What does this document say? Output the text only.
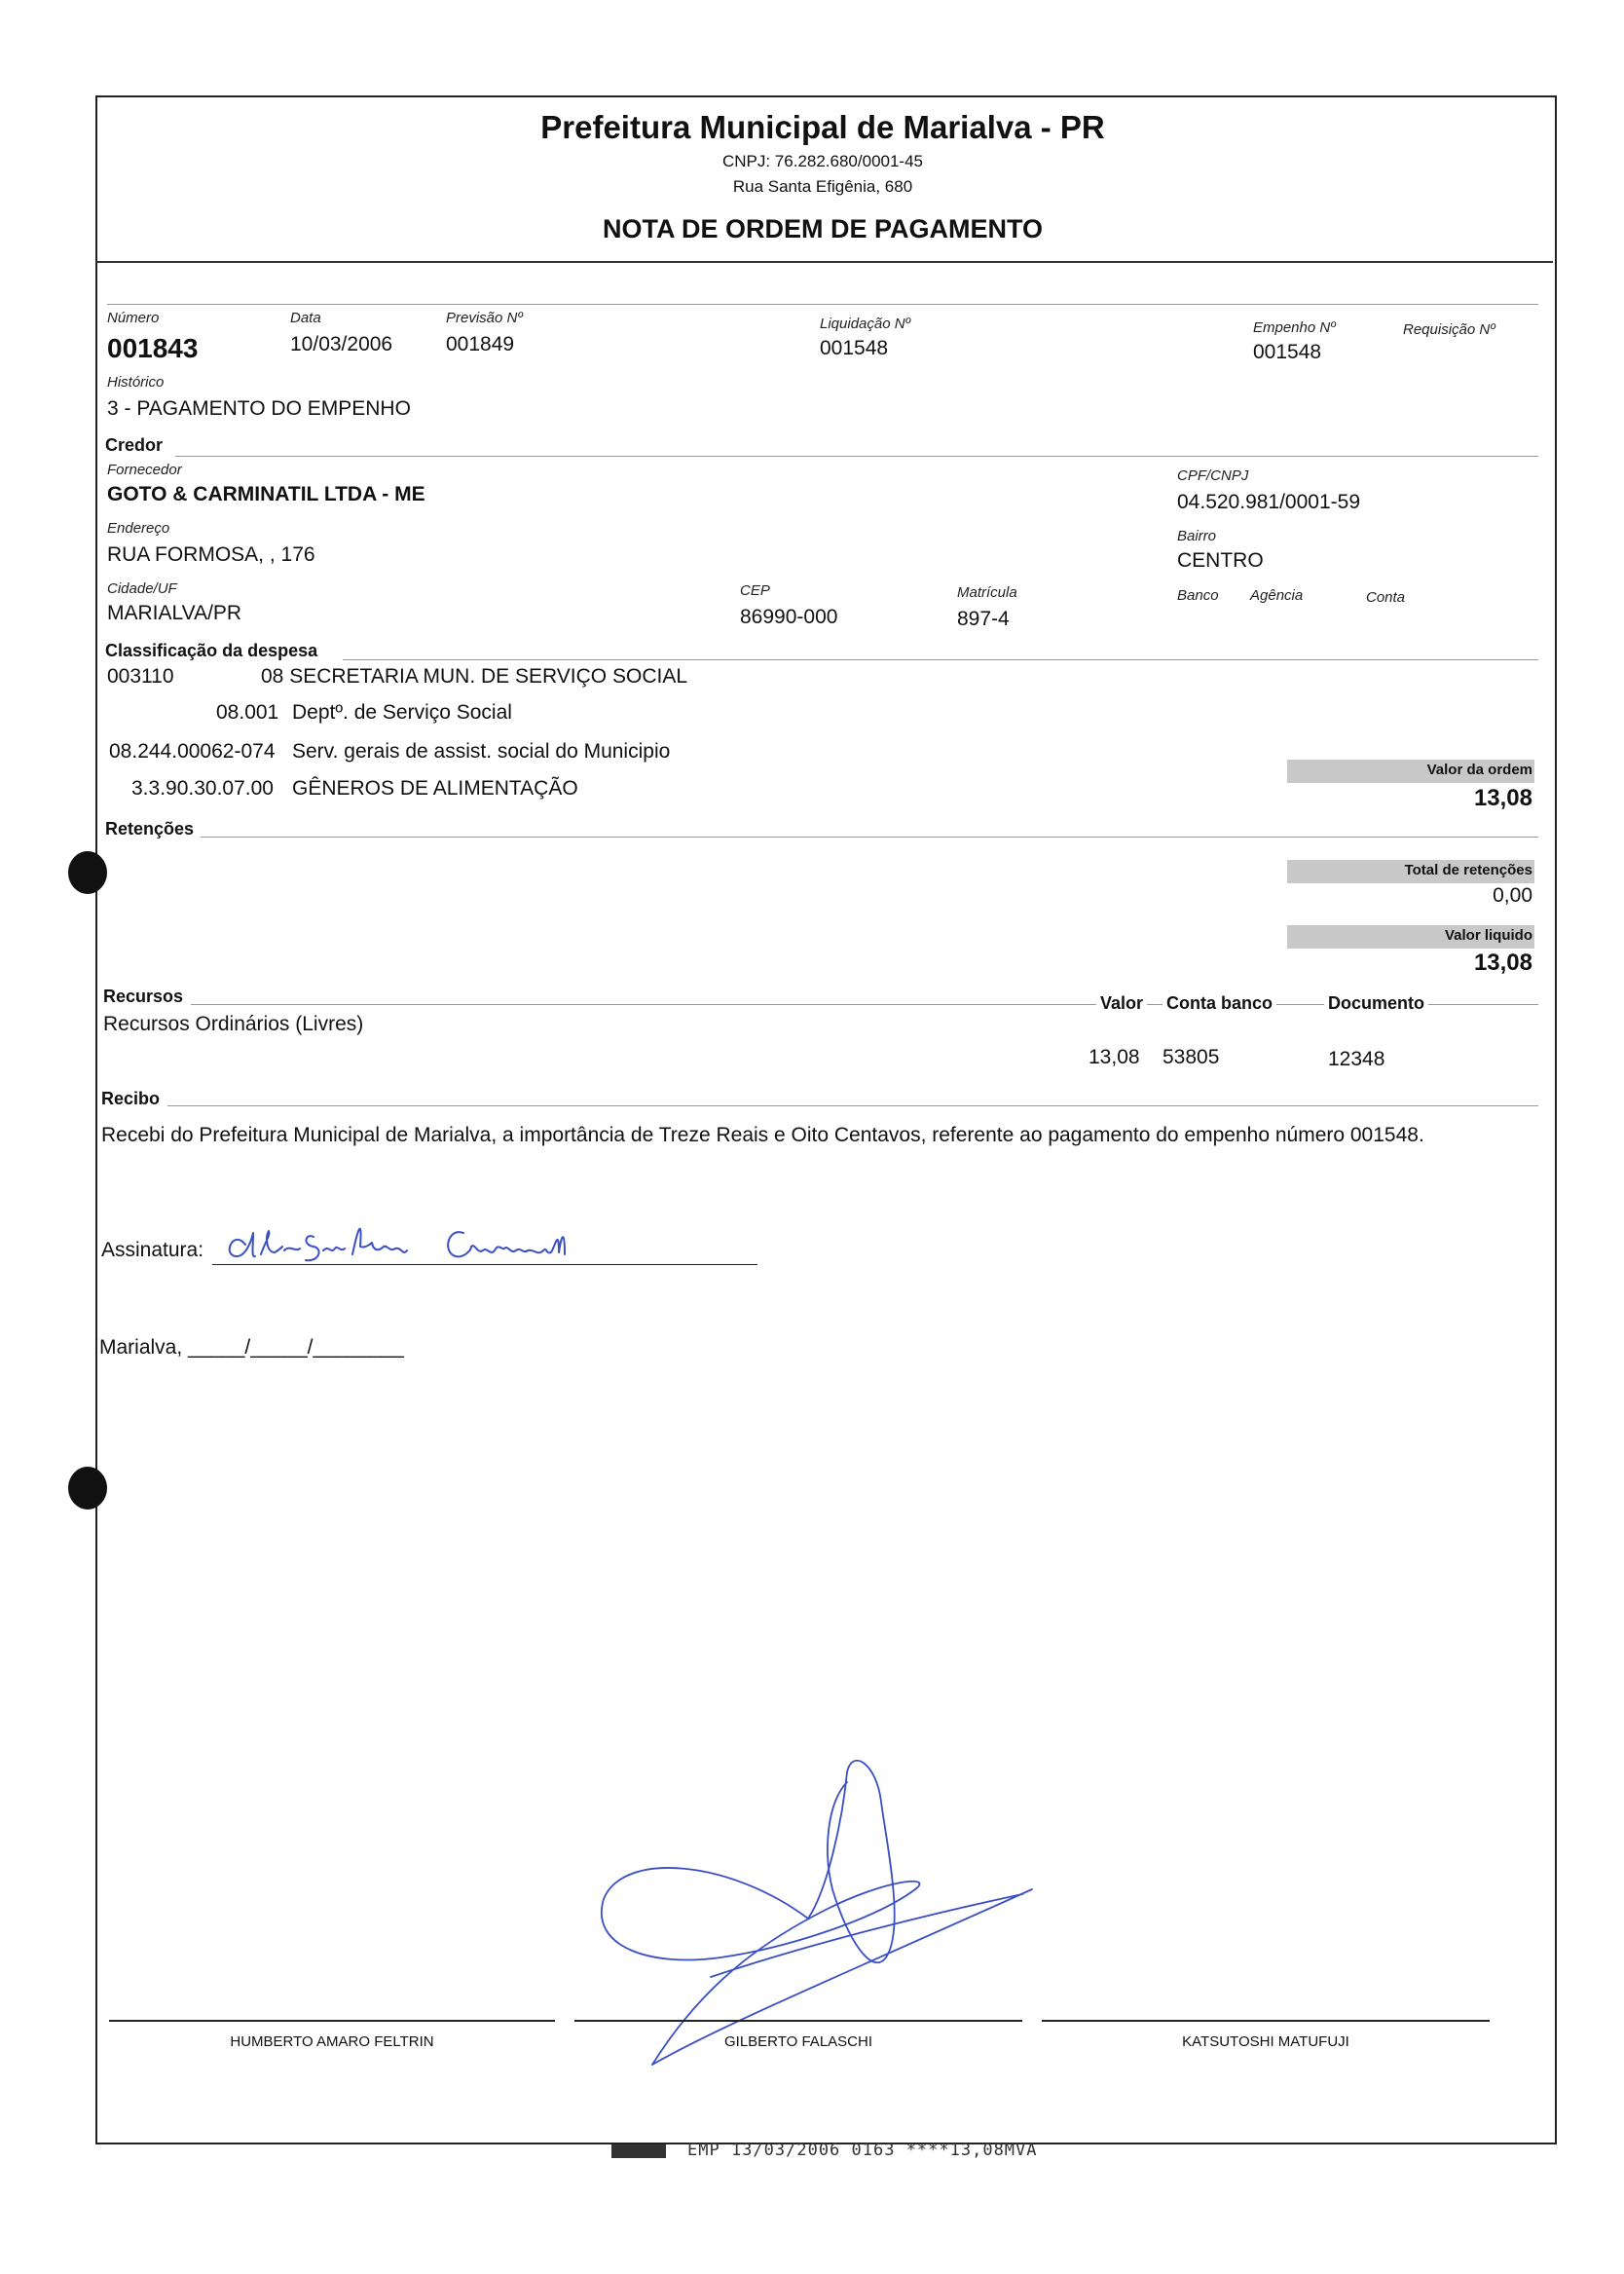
Prefeitura Municipal de Marialva - PR
CNPJ: 76.282.680/0001-45
Rua Santa Efigênia, 680
NOTA DE ORDEM DE PAGAMENTO
Número
001843
Data
10/03/2006
Previsão Nº
001849
Liquidação Nº
001548
Empenho Nº
001548
Requisição Nº
Histórico
3 - PAGAMENTO DO EMPENHO
Credor
Fornecedor
GOTO & CARMINATIL LTDA - ME
CPF/CNPJ
04.520.981/0001-59
Endereço
RUA FORMOSA, , 176
Bairro
CENTRO
Cidade/UF
MARIALVA/PR
CEP
86990-000
Matrícula
897-4
Banco Agência	Conta
Classificação da despesa
003110	08 SECRETARIA MUN. DE SERVIÇO SOCIAL
08.001 Deptº. de Serviço Social
08.244.00062-074 Serv. gerais de assist. social do Municipio
3.3.90.30.07.00 GÊNEROS DE ALIMENTAÇÃO
Valor da ordem
13,08
Retenções
Total de retenções
0,00
Valor liquido
13,08
Recursos	Valor Conta banco	Documento
Recursos Ordinários (Livres)
13,08 53805	12348
Recibo
Recebi do Prefeitura Municipal de Marialva, a importância de Treze Reais e Oito Centavos, referente ao pagamento do empenho número 001548.
Assinatura:
Marialva, _____/_____/________
HUMBERTO AMARO FELTRIN	GILBERTO FALASCHI	KATSUTOSHI MATUFUJI
EMP 13/03/2006 0163 ****13,08MVA
